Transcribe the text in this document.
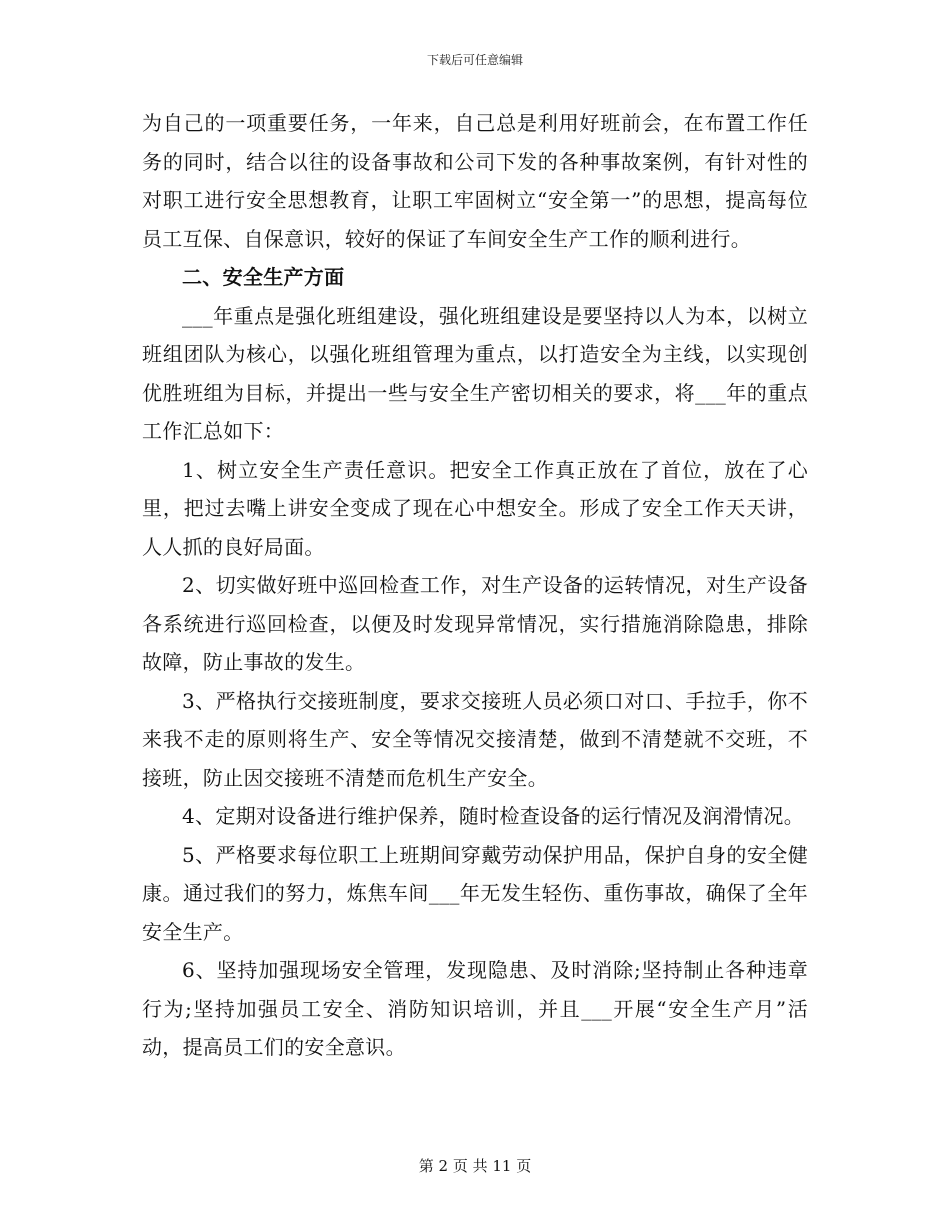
下载后可任意编辑

为自己的一项重要任务，一年来，自己总是利用好班前会，在布置工作任务的同时，结合以往的设备事故和公司下发的各种事故案例，有针对性的对职工进行安全思想教育，让职工牢固树立“安全第一”的思想，提高每位员工互保、自保意识，较好的保证了车间安全生产工作的顺利进行。

二、安全生产方面

___年重点是强化班组建设，强化班组建设是要坚持以人为本，以树立班组团队为核心，以强化班组管理为重点，以打造安全为主线，以实现创优胜班组为目标，并提出一些与安全生产密切相关的要求，将___年的重点工作汇总如下：

1、树立安全生产责任意识。把安全工作真正放在了首位，放在了心里，把过去嘴上讲安全变成了现在心中想安全。形成了安全工作天天讲，人人抓的良好局面。

2、切实做好班中巡回检查工作，对生产设备的运转情况，对生产设备各系统进行巡回检查，以便及时发现异常情况，实行措施消除隐患，排除故障，防止事故的发生。

3、严格执行交接班制度，要求交接班人员必须口对口、手拉手，你不来我不走的原则将生产、安全等情况交接清楚，做到不清楚就不交班，不接班，防止因交接班不清楚而危机生产安全。

4、定期对设备进行维护保养，随时检查设备的运行情况及润滑情况。

5、严格要求每位职工上班期间穿戴劳动保护用品，保护自身的安全健康。通过我们的努力，炼焦车间___年无发生轻伤、重伤事故，确保了全年安全生产。

6、坚持加强现场安全管理，发现隐患、及时消除;坚持制止各种违章行为;坚持加强员工安全、消防知识培训，并且___开展“安全生产月”活动，提高员工们的安全意识。

第 2 页 共 11 页
